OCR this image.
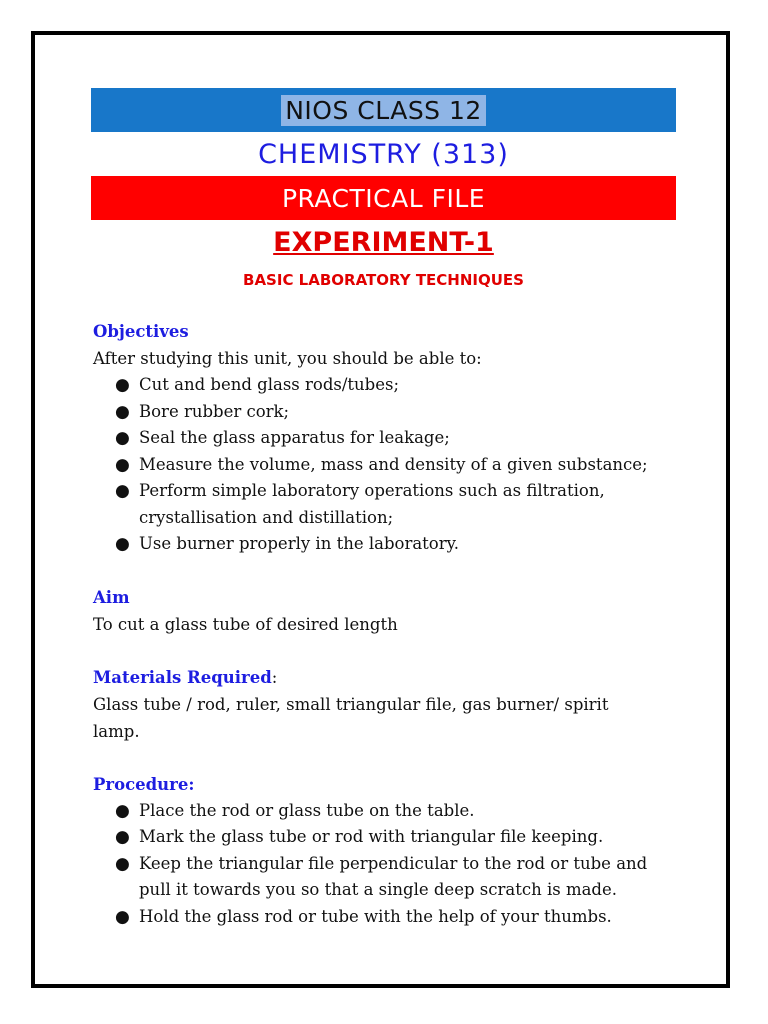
NIOS CLASS 12
CHEMISTRY (313)
PRACTICAL FILE
EXPERIMENT-1
BASIC LABORATORY TECHNIQUES

Objectives

After studying this unit, you should be able to:

● Cut and bend glass rods/tubes;
● Bore rubber cork;
● Seal the glass apparatus for leakage;
● Measure the volume, mass and density of a given substance;
● Perform simple laboratory operations such as filtration,
crystallisation and distillation;
● Use burner properly in the laboratory.

Aim

To cut a glass tube of desired length

Materials Required:

Glass tube / rod, ruler, small triangular file, gas burner/ spirit
lamp.

Procedure:

● Place the rod or glass tube on the table.
● Mark the glass tube or rod with triangular file keeping.
● Keep the triangular file perpendicular to the rod or tube and
pull it towards you so that a single deep scratch is made.
● Hold the glass rod or tube with the help of your thumbs.
